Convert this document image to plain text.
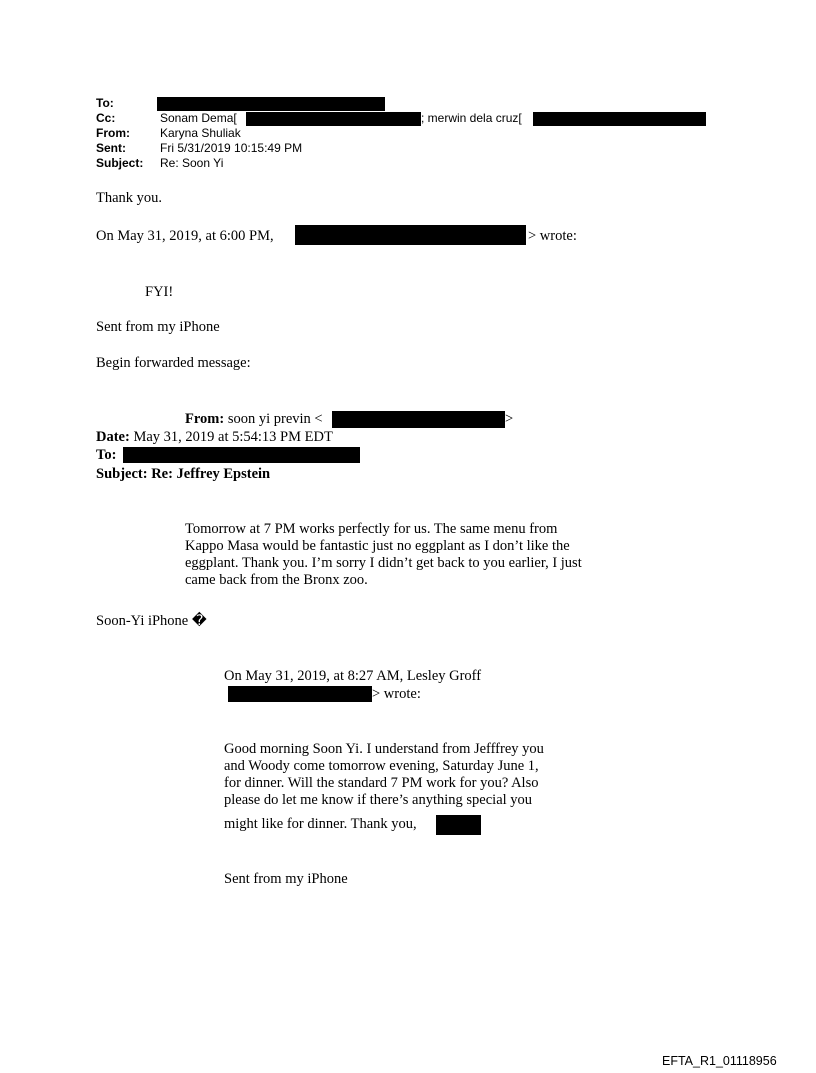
To:
Cc:	Sonam Dema[	; merwin dela cruz[
From:	Karyna Shuliak
Sent:	Fri 5/31/2019 10:15:49 PM
Subject: Re: Soon Yi
Thank you.
On May 31, 2019, at 6:00 PM,	> wrote:
FYI!
Sent from my iPhone
Begin forwarded message:
From: soon yi previn <	>
Date: May 31, 2019 at 5:54:13 PM EDT
To:
Subject: Re: Jeffrey Epstein
Tomorrow at 7 PM works perfectly for us. The same menu from
Kappo Masa would be fantastic just no eggplant as I don’t like the
eggplant. Thank you. I’m sorry I didn’t get back to you earlier, I just
came back from the Bronx zoo.
Soon-Yi iPhone �
On May 31, 2019, at 8:27 AM, Lesley Groff
> wrote:
Good morning Soon Yi. I understand from Jefffrey you
and Woody come tomorrow evening, Saturday June 1,
for dinner. Will the standard 7 PM work for you? Also
please do let me know if there’s anything special you
might like for dinner. Thank you,
Sent from my iPhone
EFTA_R1_01118956
